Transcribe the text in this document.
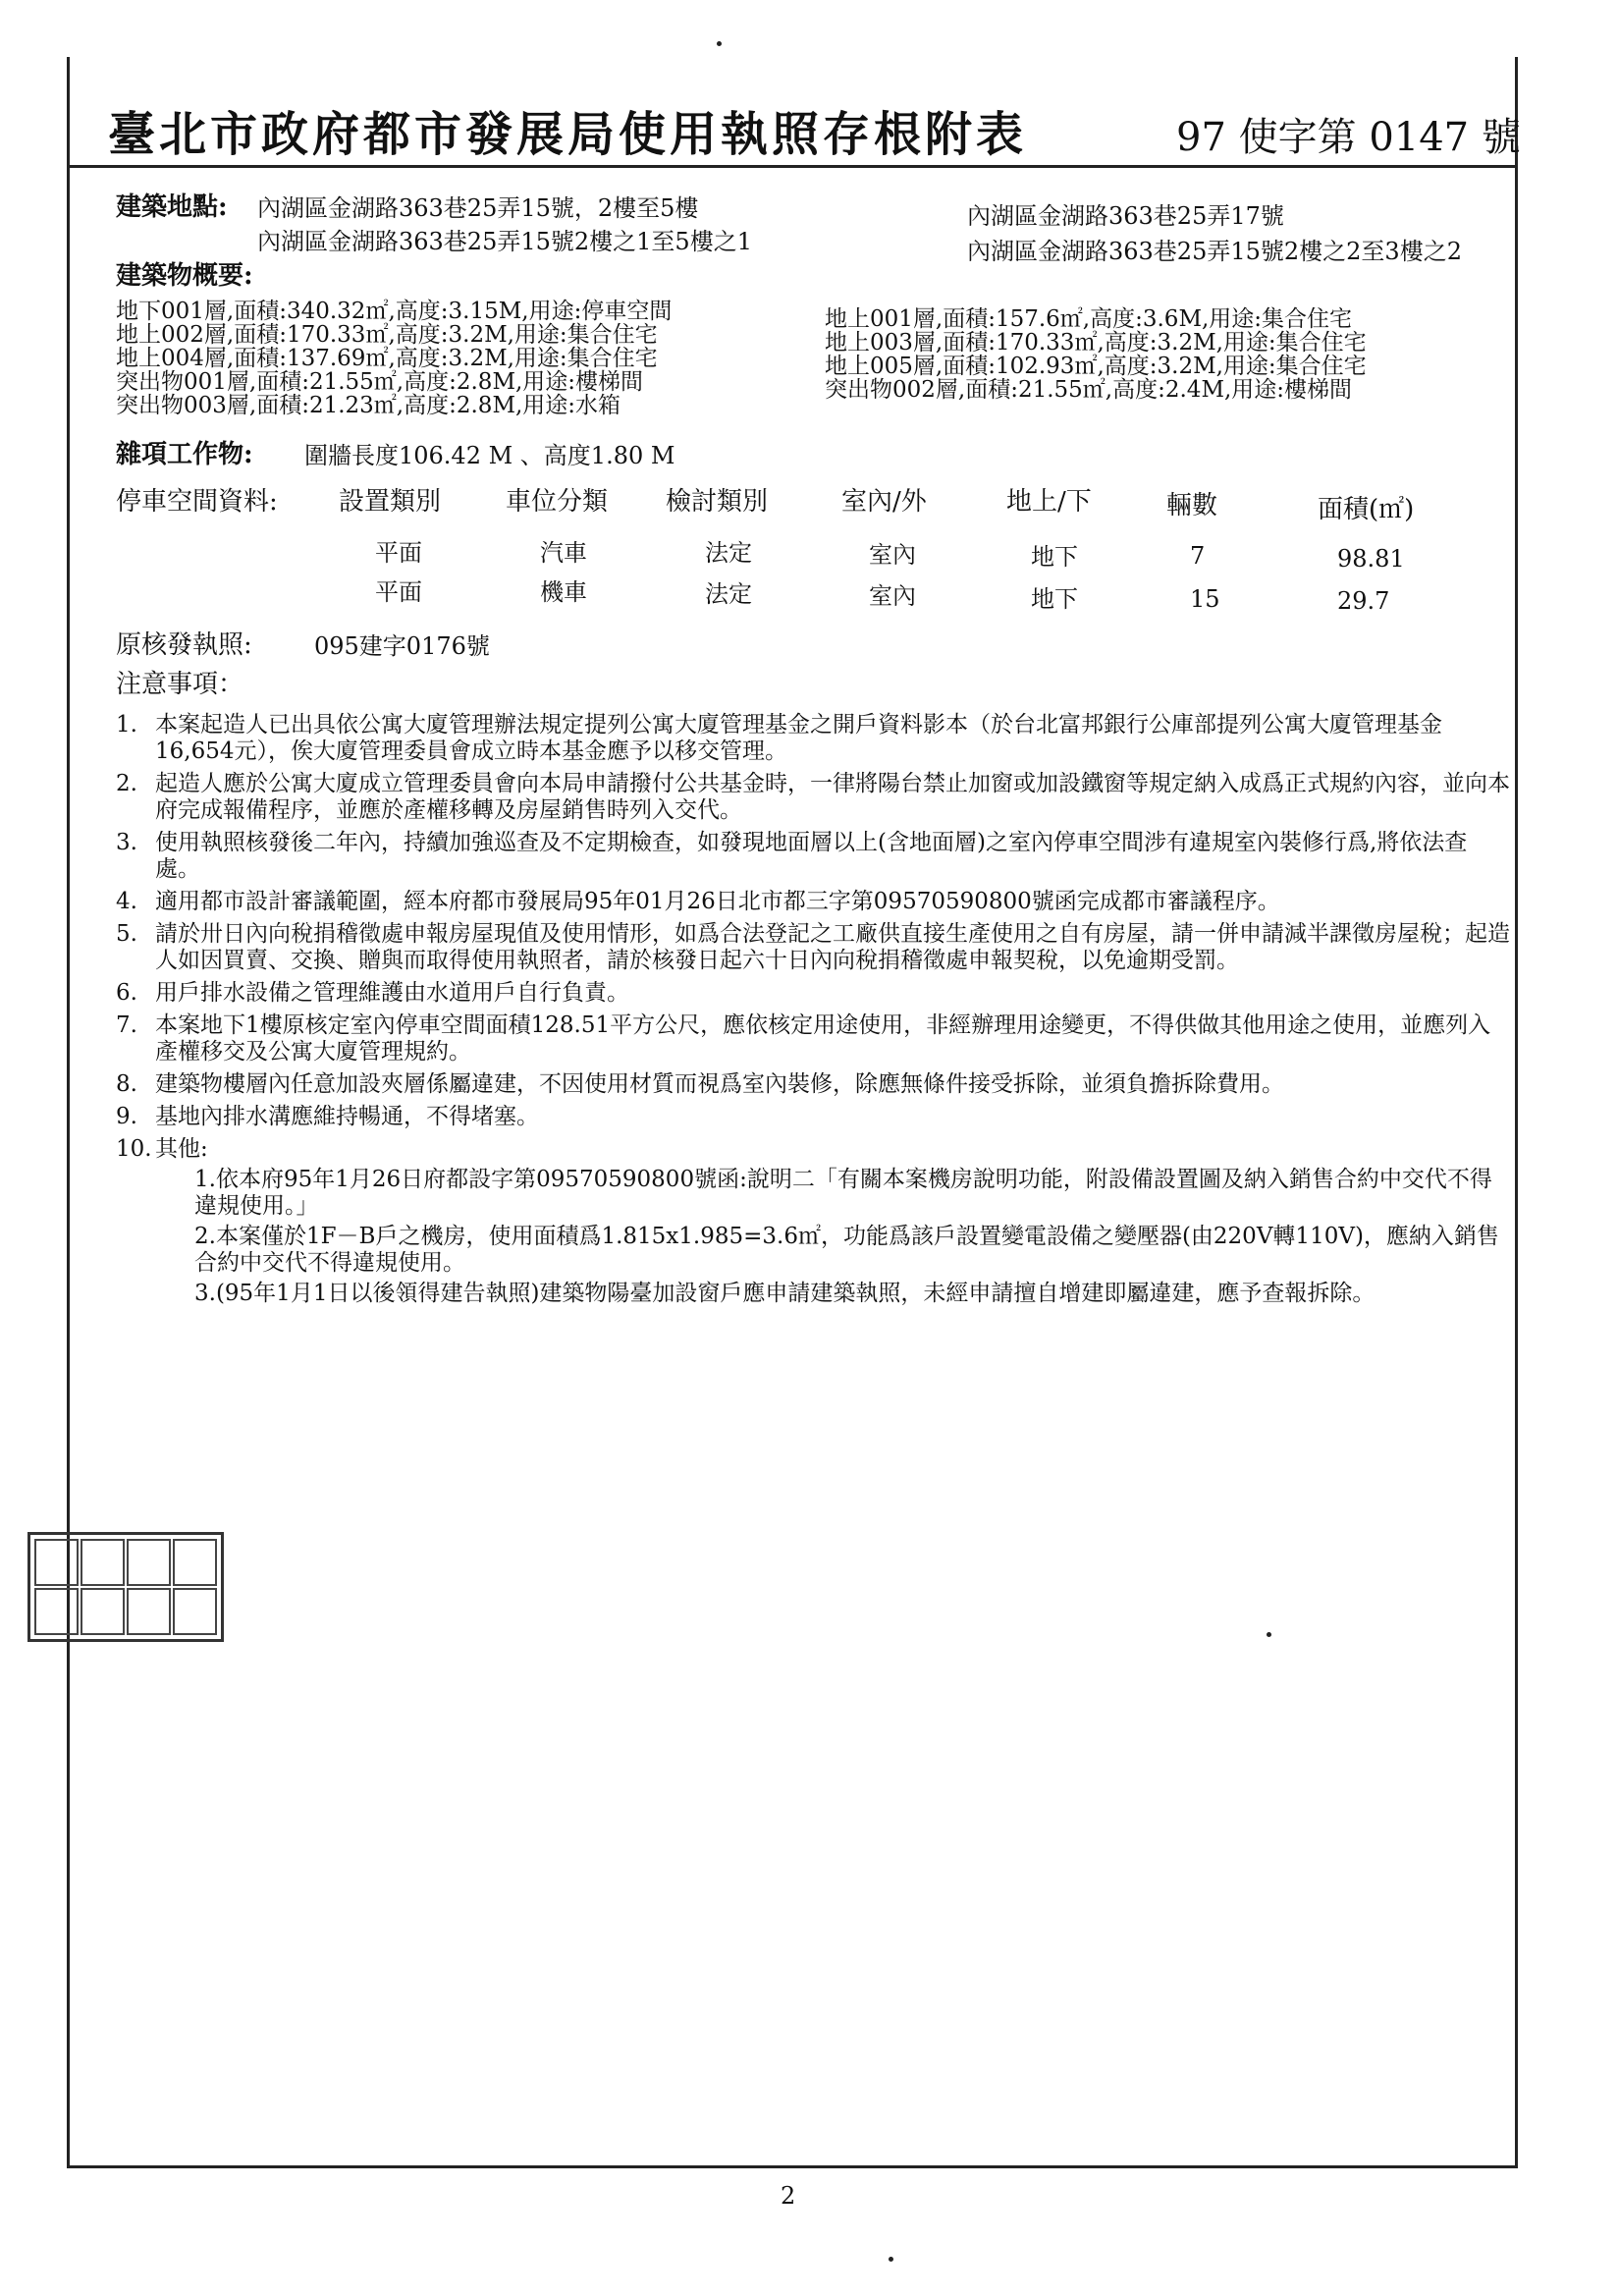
臺北市政府都市發展局使用執照存根附表	97 使字第 0147 號
建築地點: 內湖區金湖路363巷25弄15號，2樓至5樓
內湖區金湖路363巷25弄15號2樓之1至5樓之1
內湖區金湖路363巷25弄17號
內湖區金湖路363巷25弄15號2樓之2至3樓之2
建築物概要:
地下001層,面積:340.32㎡,高度:3.15M,用途:停車空間
地上002層,面積:170.33㎡,高度:3.2M,用途:集合住宅
地上004層,面積:137.69㎡,高度:3.2M,用途:集合住宅
突出物001層,面積:21.55㎡,高度:2.8M,用途:樓梯間
突出物003層,面積:21.23㎡,高度:2.8M,用途:水箱
地上001層,面積:157.6㎡,高度:3.6M,用途:集合住宅
地上003層,面積:170.33㎡,高度:3.2M,用途:集合住宅
地上005層,面積:102.93㎡,高度:3.2M,用途:集合住宅
突出物002層,面積:21.55㎡,高度:2.4M,用途:樓梯間
雜項工作物: 圍牆長度106.42 M 、高度1.80 M
停車空間資料: 設置類別	車位分類 檢討類別	室內/外	地上/下	輛數	面積(㎡)
平面	汽車	法定	室內	地下	7	98.81
平面	機車	法定	室內	地下	15	29.7
原核發執照:	095建字0176號
注意事項：
1. 本案起造人已出具依公寓大廈管理辦法規定提列公寓大廈管理基金之開戶資料影本（於台北富邦銀行公庫部提列公寓大廈管理基金16,654元），俟大廈管理委員會成立時本基金應予以移交管理。
2. 起造人應於公寓大廈成立管理委員會向本局申請撥付公共基金時，一律將陽台禁止加窗或加設鐵窗等規定納入成爲正式規約內容，並向本府完成報備程序，並應於產權移轉及房屋銷售時列入交代。
3. 使用執照核發後二年內，持續加強巡查及不定期檢查，如發現地面層以上(含地面層)之室內停車空間涉有違規室內裝修行爲,將依法查處。
4. 適用都市設計審議範圍，經本府都市發展局95年01月26日北市都三字第09570590800號函完成都市審議程序。
5. 請於卅日內向稅捐稽徵處申報房屋現值及使用情形，如爲合法登記之工廠供直接生產使用之自有房屋，請一併申請減半課徵房屋稅；起造人如因買賣、交換、贈與而取得使用執照者，請於核發日起六十日內向稅捐稽徵處申報契稅，以免逾期受罰。
6. 用戶排水設備之管理維護由水道用戶自行負責。
7. 本案地下1樓原核定室內停車空間面積128.51平方公尺，應依核定用途使用，非經辦理用途變更，不得供做其他用途之使用，並應列入產權移交及公寓大廈管理規約。
8. 建築物樓層內任意加設夾層係屬違建，不因使用材質而視爲室內裝修，除應無條件接受拆除，並須負擔拆除費用。
9. 基地內排水溝應維持暢通，不得堵塞。
10. 其他:
1.依本府95年1月26日府都設字第09570590800號函:說明二「有關本案機房說明功能，附設備設置圖及納入銷售合約中交代不得違規使用。」
2.本案僅於1F－B戶之機房，使用面積爲1.815x1.985=3.6㎡，功能爲該戶設置變電設備之變壓器(由220V轉110V)，應納入銷售合約中交代不得違規使用。
3.(95年1月1日以後領得建告執照)建築物陽臺加設窗戶應申請建築執照，未經申請擅自增建即屬違建，應予查報拆除。
2
